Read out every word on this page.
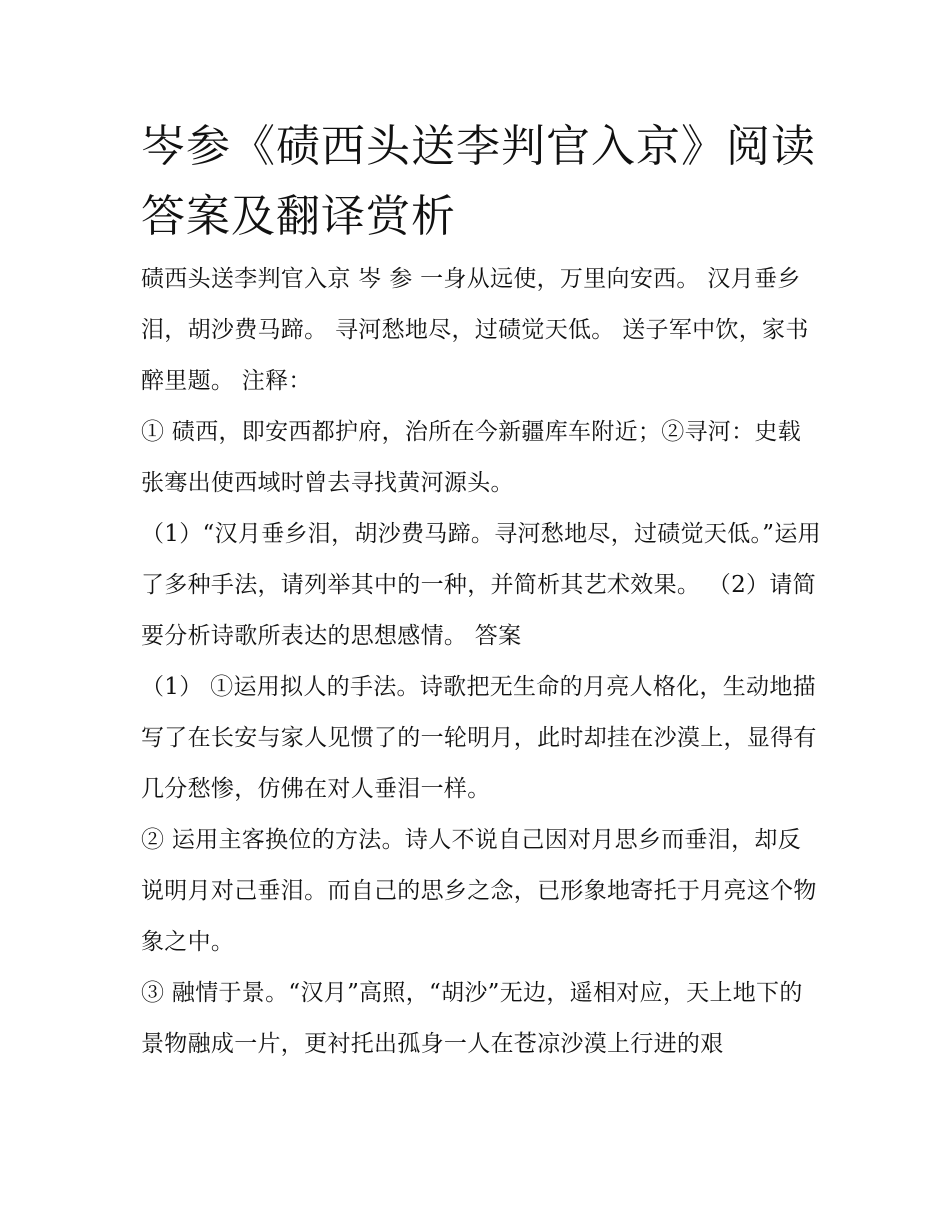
岑参《碛西头送李判官入京》阅读答案及翻译赏析

碛西头送李判官入京 岑 参 一身从远使，万里向安西。 汉月垂乡泪，胡沙费马蹄。 寻河愁地尽，过碛觉天低。 送子军中饮，家书醉里题。 注释：

① 碛西，即安西都护府，治所在今新疆库车附近；②寻河：史载张骞出使西域时曾去寻找黄河源头。

（1）“汉月垂乡泪，胡沙费马蹄。寻河愁地尽，过碛觉天低。”运用了多种手法，请列举其中的一种，并简析其艺术效果。 （2）请简要分析诗歌所表达的思想感情。 答案

（1） ①运用拟人的手法。诗歌把无生命的月亮人格化，生动地描写了在长安与家人见惯了的一轮明月，此时却挂在沙漠上，显得有几分愁惨，仿佛在对人垂泪一样。

② 运用主客换位的方法。诗人不说自己因对月思乡而垂泪，却反说明月对己垂泪。而自己的思乡之念，已形象地寄托于月亮这个物象之中。

③ 融情于景。“汉月”高照，“胡沙”无边，遥相对应，天上地下的景物融成一片，更衬托出孤身一人在苍凉沙漠上行进的艰
